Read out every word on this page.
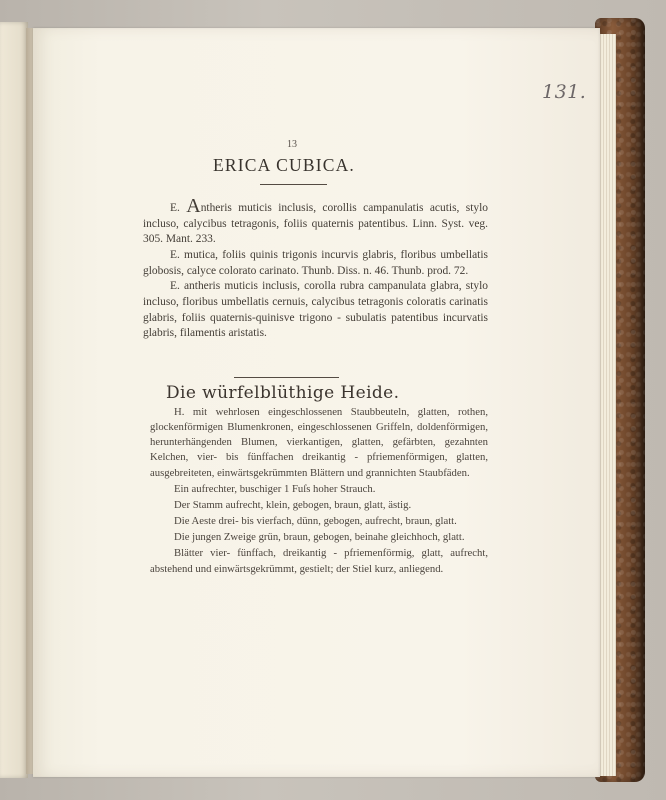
131.
13
ERICA CUBICA.

E. Antheris muticis inclusis, corollis campanulatis acutis, stylo incluso, calycibus tetragonis, foliis quaternis patentibus. Linn. Syst. veg. 305. Mant. 233.

E. mutica, foliis quinis trigonis incurvis glabris, floribus umbellatis globosis, calyce colorato carinato. Thunb. Diss. n. 46. Thunb. prod. 72.

E. antheris muticis inclusis, corolla rubra campanulata glabra, stylo incluso, floribus umbellatis cernuis, calycibus tetragonis coloratis carinatis glabris, foliis quaternis-quinisve trigono - subulatis patentibus incurvatis glabris, filamentis aristatis.

Die würfelblüthige Heide.

H. mit wehrlosen eingeschlossenen Staubbeuteln, glatten, rothen, glockenförmigen Blumenkronen, eingeschlossenen Griffeln, doldenförmigen, herunterhängenden Blumen, vierkantigen, glatten, gefärbten, gezahnten Kelchen, vier- bis fünffachen dreikantig - pfriemenförmigen, glatten, ausgebreiteten, einwärtsgekrümmten Blättern und grannichten Staubfäden.

Ein aufrechter, buschiger 1 Fuſs hoher Strauch.

Der Stamm aufrecht, klein, gebogen, braun, glatt, ästig.

Die Aeste drei- bis vierfach, dünn, gebogen, aufrecht, braun, glatt.

Die jungen Zweige grün, braun, gebogen, beinahe gleichhoch, glatt.

Blätter vier- fünffach, dreikantig - pfriemenförmig, glatt, aufrecht, abstehend und einwärtsgekrümmt, gestielt; der Stiel kurz, anliegend.
